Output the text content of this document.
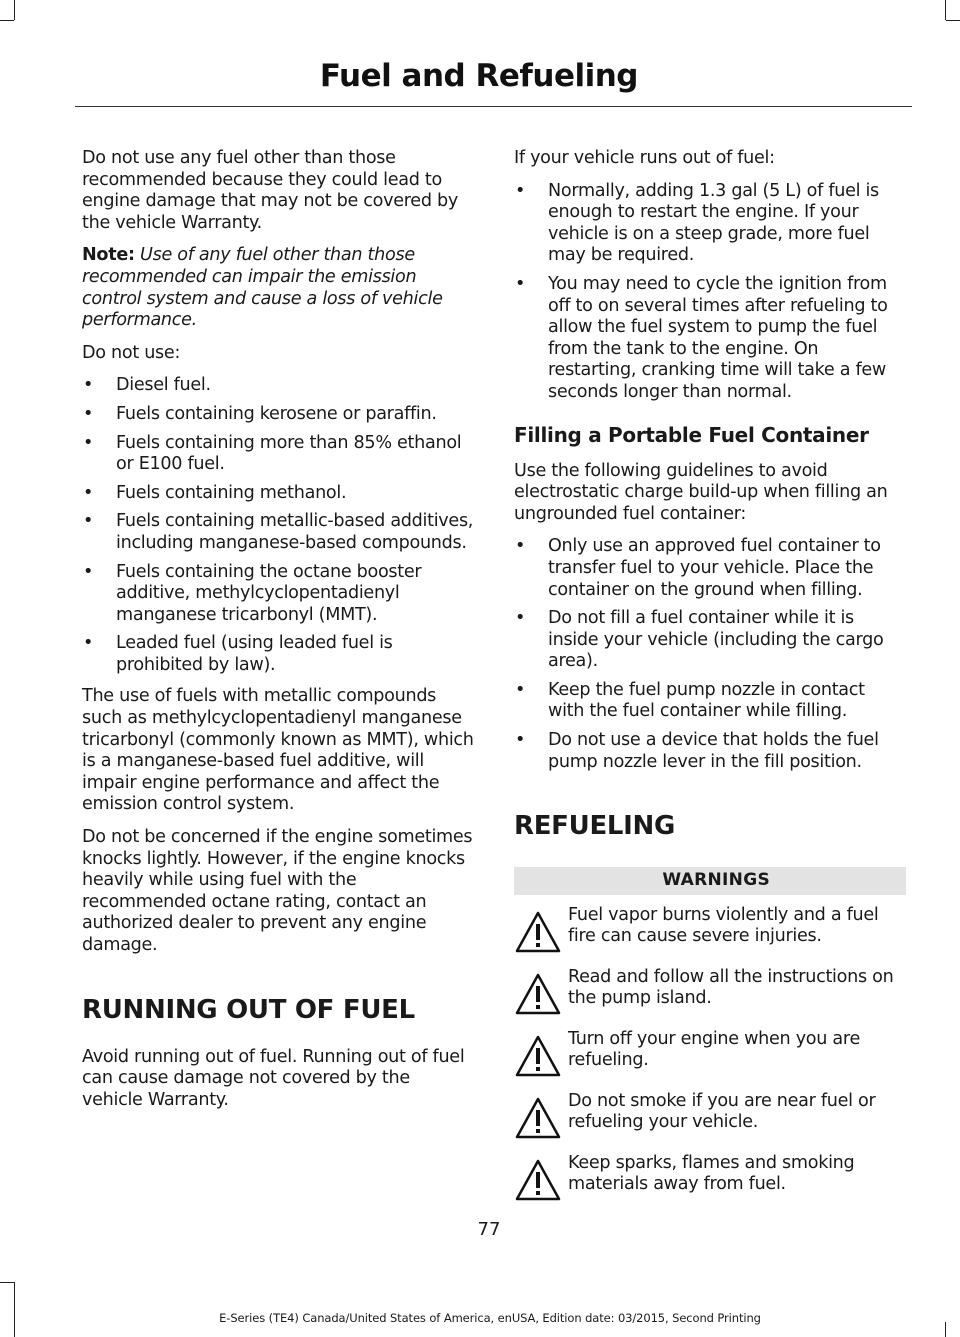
Fuel and Refueling

Do not use any fuel other than those recommended because they could lead to engine damage that may not be covered by the vehicle Warranty.

Note: Use of any fuel other than those recommended can impair the emission control system and cause a loss of vehicle performance.

Do not use:

• Diesel fuel.
• Fuels containing kerosene or paraffin.
• Fuels containing more than 85% ethanol or E100 fuel.
• Fuels containing methanol.
• Fuels containing metallic-based additives, including manganese-based compounds.
• Fuels containing the octane booster additive, methylcyclopentadienyl manganese tricarbonyl (MMT).
• Leaded fuel (using leaded fuel is prohibited by law).

The use of fuels with metallic compounds such as methylcyclopentadienyl manganese tricarbonyl (commonly known as MMT), which is a manganese-based fuel additive, will impair engine performance and affect the emission control system.

Do not be concerned if the engine sometimes knocks lightly. However, if the engine knocks heavily while using fuel with the recommended octane rating, contact an authorized dealer to prevent any engine damage.

RUNNING OUT OF FUEL

Avoid running out of fuel. Running out of fuel can cause damage not covered by the vehicle Warranty.

If your vehicle runs out of fuel:

• Normally, adding 1.3 gal (5 L) of fuel is enough to restart the engine. If your vehicle is on a steep grade, more fuel may be required.
• You may need to cycle the ignition from off to on several times after refueling to allow the fuel system to pump the fuel from the tank to the engine. On restarting, cranking time will take a few seconds longer than normal.
Filling a Portable Fuel Container

Use the following guidelines to avoid electrostatic charge build-up when filling an ungrounded fuel container:

• Only use an approved fuel container to transfer fuel to your vehicle. Place the container on the ground when filling.
• Do not fill a fuel container while it is inside your vehicle (including the cargo area).
• Keep the fuel pump nozzle in contact with the fuel container while filling.
• Do not use a device that holds the fuel pump nozzle lever in the fill position.
REFUELING
WARNINGS
Fuel vapor burns violently and a fuel fire can cause severe injuries.
Read and follow all the instructions on the pump island.
Turn off your engine when you are refueling.
Do not smoke if you are near fuel or refueling your vehicle.
Keep sparks, flames and smoking materials away from fuel.
77
E-Series (TE4) Canada/United States of America, enUSA, Edition date: 03/2015, Second Printing
